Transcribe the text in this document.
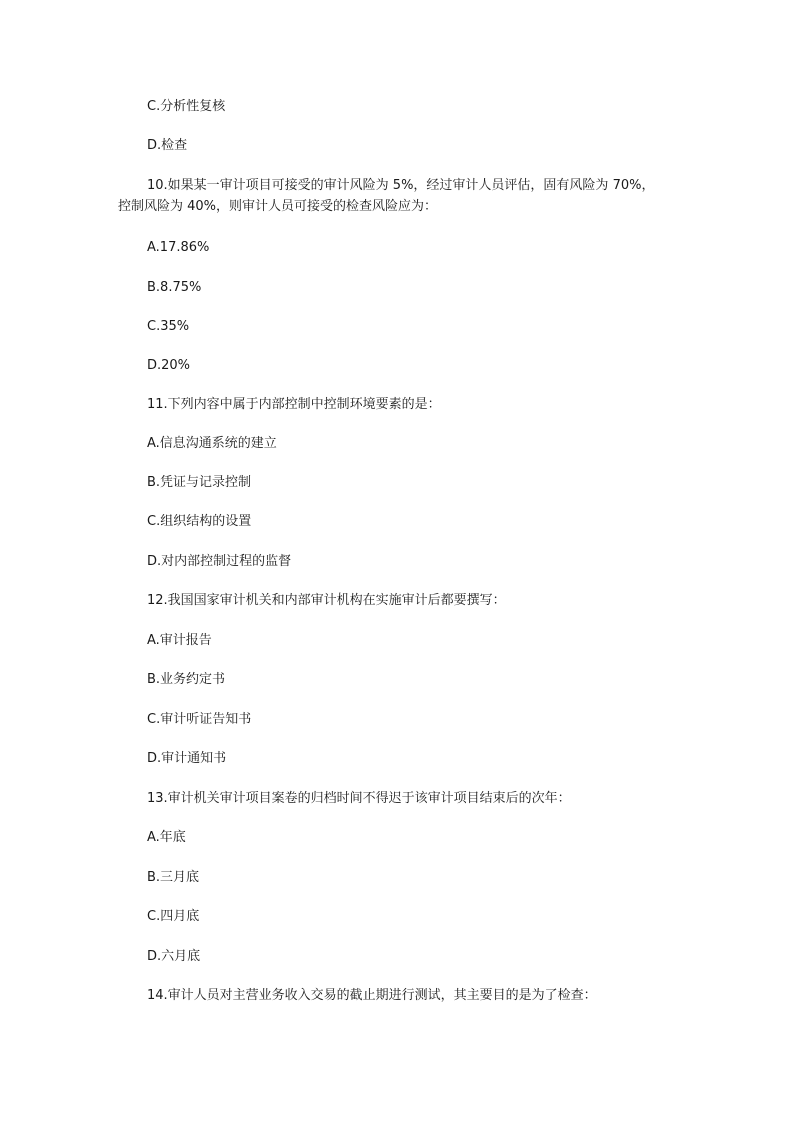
C.分析性复核
D.检查
10.如果某一审计项目可接受的审计风险为 5%，经过审计人员评估，固有风险为 70%，
控制风险为 40%，则审计人员可接受的检查风险应为：
A.17.86%
B.8.75%
C.35%
D.20%
11.下列内容中属于内部控制中控制环境要素的是：
A.信息沟通系统的建立
B.凭证与记录控制
C.组织结构的设置
D.对内部控制过程的监督
12.我国国家审计机关和内部审计机构在实施审计后都要撰写：
A.审计报告
B.业务约定书
C.审计听证告知书
D.审计通知书
13.审计机关审计项目案卷的归档时间不得迟于该审计项目结束后的次年：
A.年底
B.三月底
C.四月底
D.六月底
14.审计人员对主营业务收入交易的截止期进行测试，其主要目的是为了检查：
